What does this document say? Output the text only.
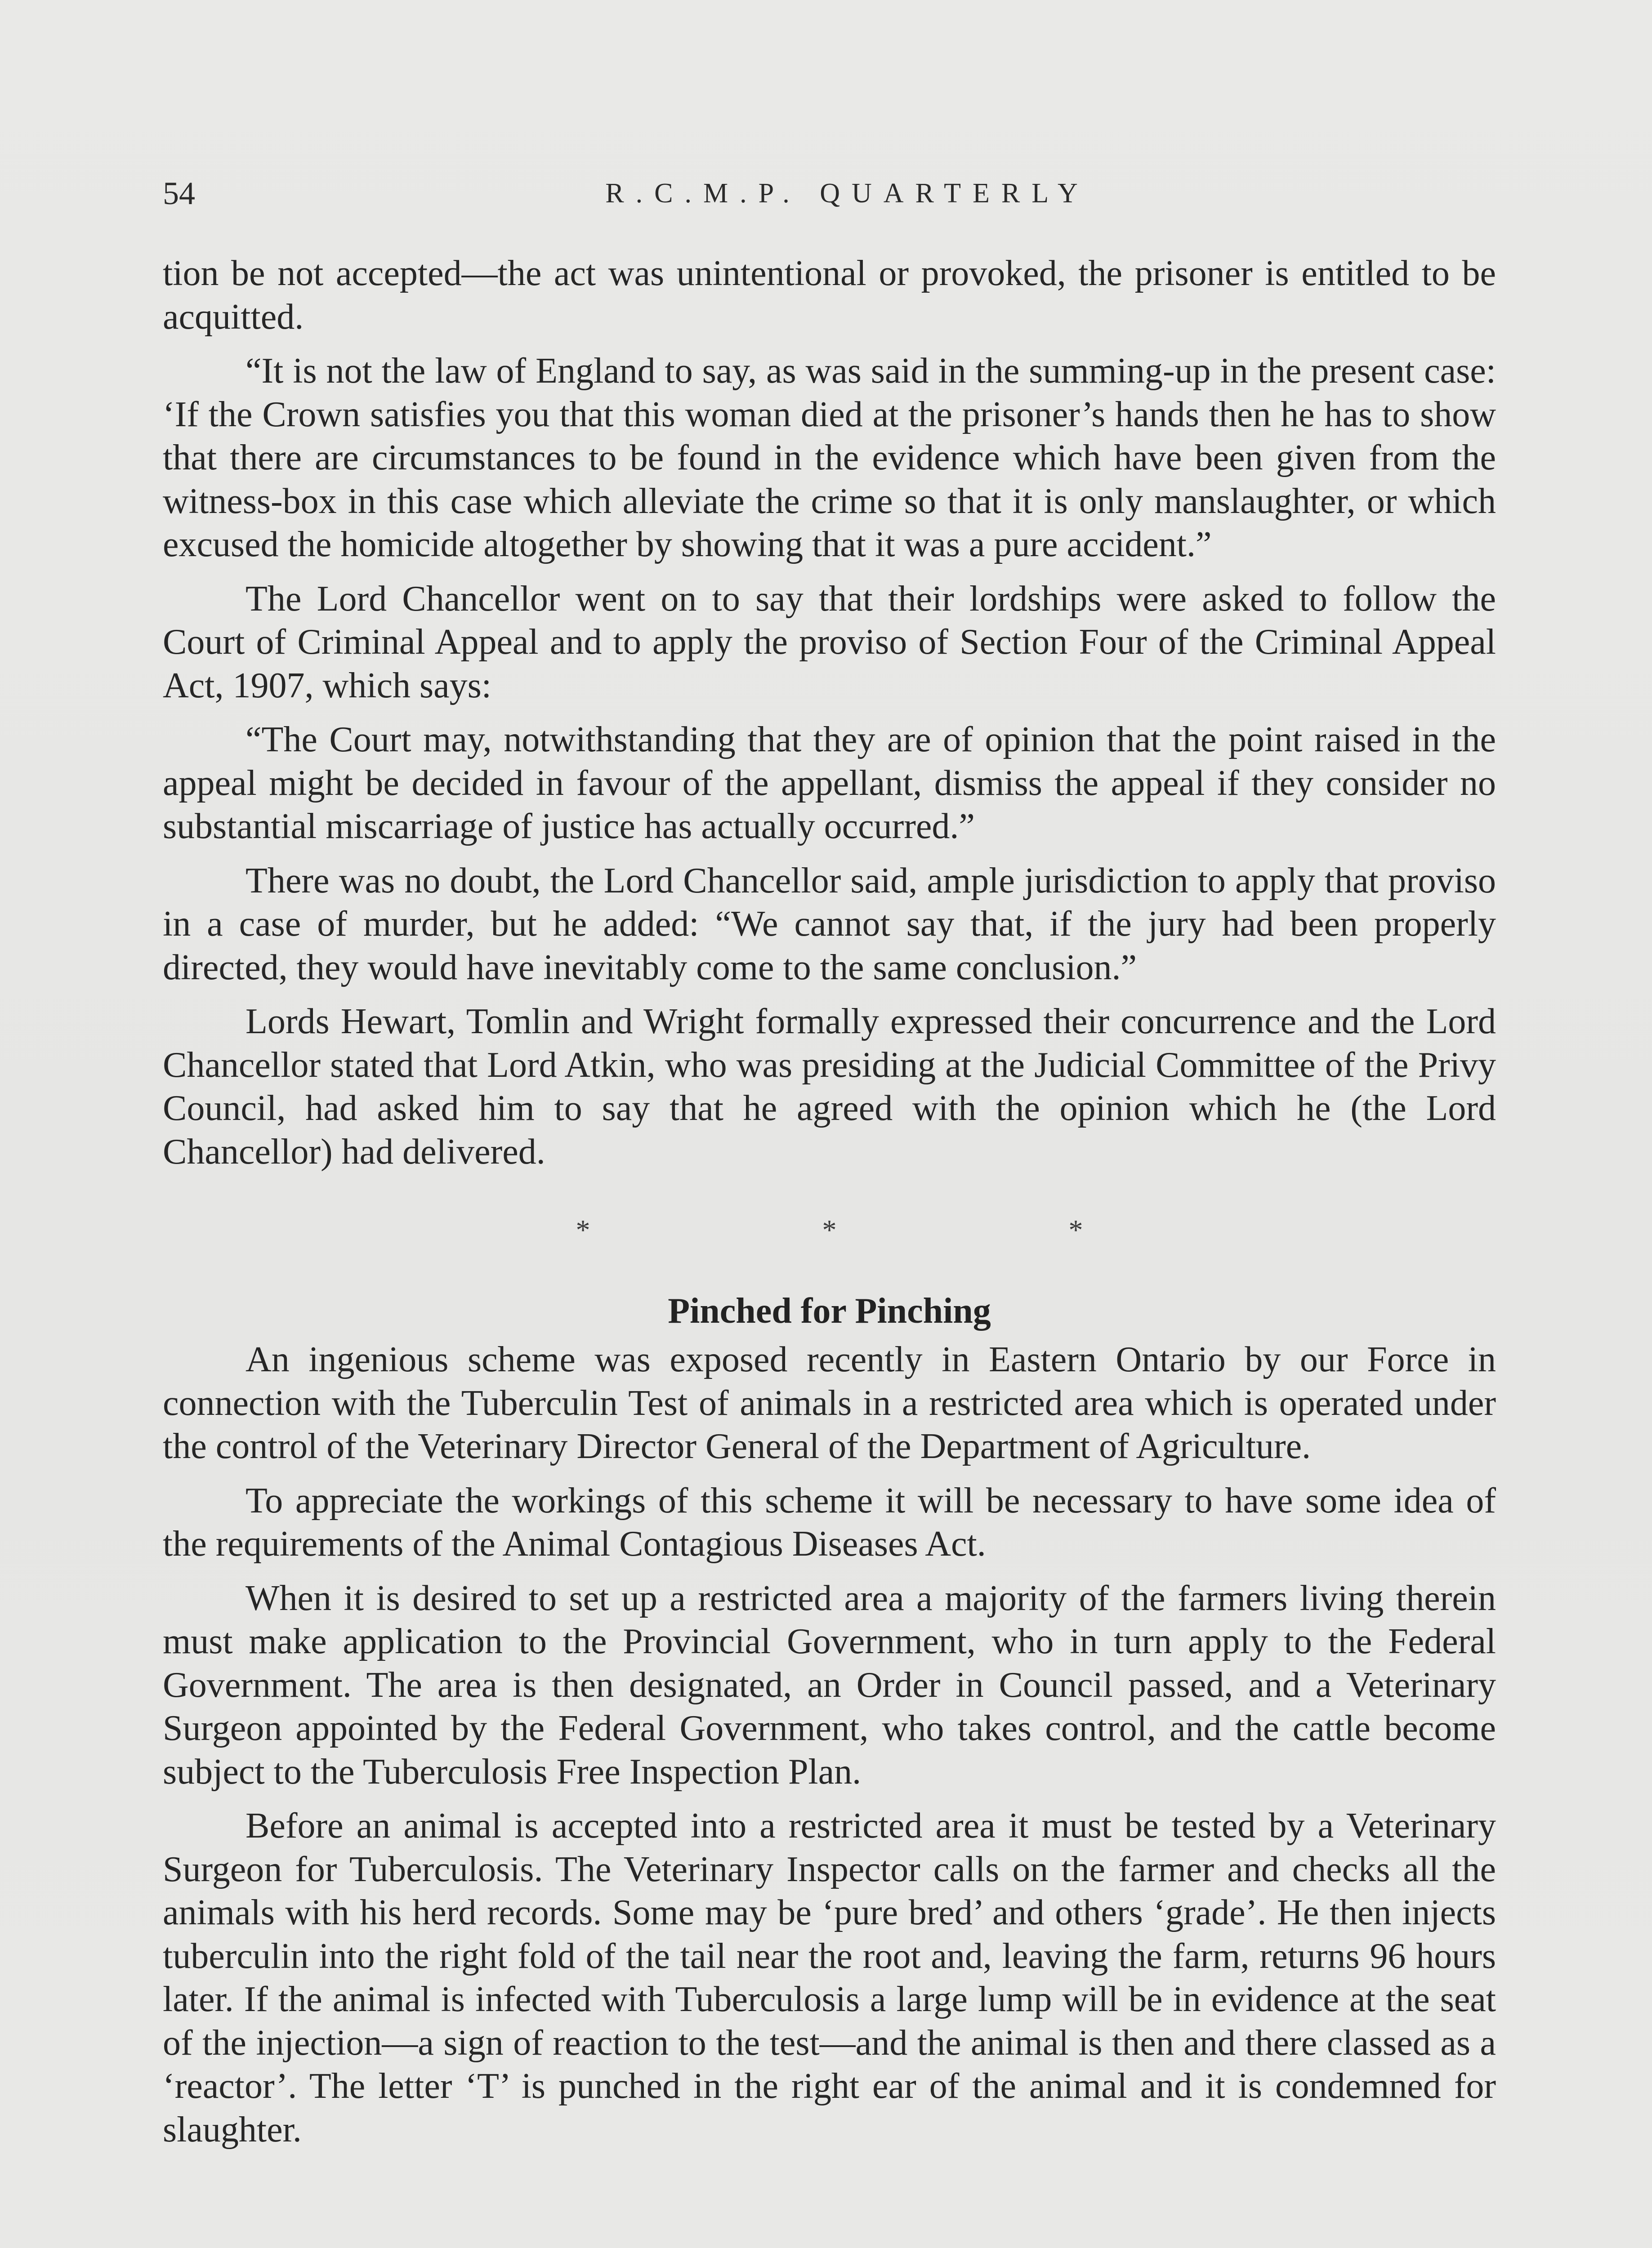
54	R.C.M.P. QUARTERLY

tion be not accepted—the act was unintentional or provoked, the prisoner is entitled to be acquitted.

“It is not the law of England to say, as was said in the summing-up in the present case: ‘If the Crown satisfies you that this woman died at the prisoner’s hands then he has to show that there are circumstances to be found in the evidence which have been given from the witness-box in this case which alleviate the crime so that it is only manslaughter, or which excused the homicide altogether by showing that it was a pure accident.”

The Lord Chancellor went on to say that their lordships were asked to follow the Court of Criminal Appeal and to apply the proviso of Section Four of the Criminal Appeal Act, 1907, which says:

“The Court may, notwithstanding that they are of opinion that the point raised in the appeal might be decided in favour of the appellant, dismiss the appeal if they consider no substantial miscarriage of justice has actually occurred.”

There was no doubt, the Lord Chancellor said, ample jurisdiction to apply that proviso in a case of murder, but he added: “We cannot say that, if the jury had been properly directed, they would have inevitably come to the same conclusion.”

Lords Hewart, Tomlin and Wright formally expressed their concurrence and the Lord Chancellor stated that Lord Atkin, who was presiding at the Judicial Committee of the Privy Council, had asked him to say that he agreed with the opinion which he (the Lord Chancellor) had delivered.

* * *
Pinched for Pinching

An ingenious scheme was exposed recently in Eastern Ontario by our Force in connection with the Tuberculin Test of animals in a restricted area which is operated under the control of the Veterinary Director General of the Department of Agriculture.

To appreciate the workings of this scheme it will be necessary to have some idea of the requirements of the Animal Contagious Diseases Act.

When it is desired to set up a restricted area a majority of the farmers living therein must make application to the Provincial Government, who in turn apply to the Federal Government. The area is then designated, an Order in Council passed, and a Veterinary Surgeon appointed by the Federal Government, who takes control, and the cattle become subject to the Tuberculosis Free Inspection Plan.

Before an animal is accepted into a restricted area it must be tested by a Veterinary Surgeon for Tuberculosis. The Veterinary Inspector calls on the farmer and checks all the animals with his herd records. Some may be ‘pure bred’ and others ‘grade’. He then injects tuberculin into the right fold of the tail near the root and, leaving the farm, returns 96 hours later. If the animal is infected with Tuberculosis a large lump will be in evidence at the seat of the injection—a sign of reaction to the test—and the animal is then and there classed as a ‘reactor’. The letter ‘T’ is punched in the right ear of the animal and it is condemned for slaughter.
